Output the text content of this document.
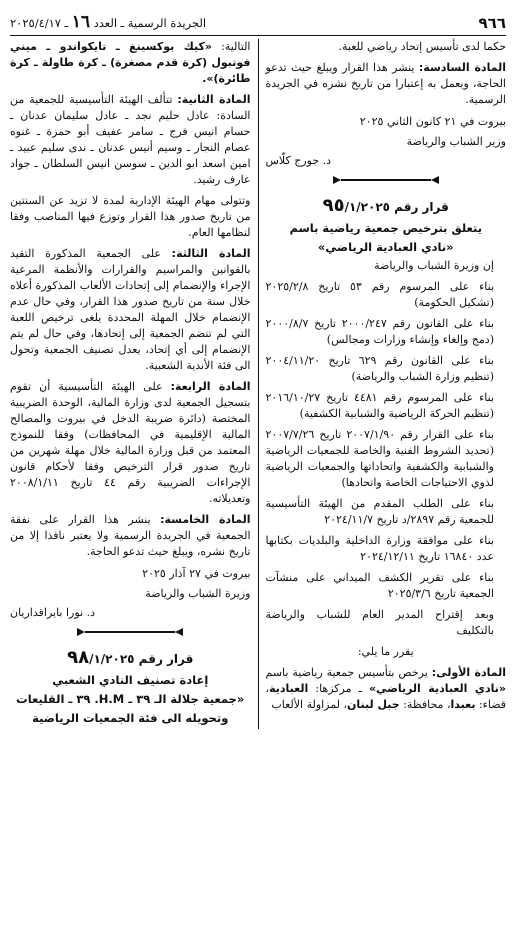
٩٦٦
الجريدة الرسمية ـ العدد ١٦ ـ ٢٠٢٥/٤/١٧

حكما لدى تأسيس إتحاد رياضي للعبة.

المادة السادسة: ينشر هذا القرار ويبلغ حيث تدعو الحاجة، ويعمل به إعتبارا من تاريخ نشره في الجريدة الرسمية.

بيروت في ٢١ كانون الثاني ٢٠٢٥

وزير الشباب والرياضة

د. جورج كلّاس

قرار رقم ٩٥/١/٢٠٢٥
يتعلق بترخيص جمعية رياضية باسم
«نادي العبادية الرياضي»

إن وزيرة الشباب والرياضة

بناء على المرسوم رقم ٥٣ تاريخ ٢٠٢٥/٢/٨ (تشكيل الحكومة)

بناء على القانون رقم ٢٠٠٠/٢٤٧ تاريخ ٢٠٠٠/٨/٧ (دمج وإلغاء وإنشاء وزارات ومجالس)

بناء على القانون رقم ٦٢٩ تاريخ ٢٠٠٤/١١/٢٠ (تنظيم وزارة الشباب والرياضة)

بناء على المرسوم رقم ٤٤٨١ تاريخ ٢٠١٦/١٠/٢٧ (تنظيم الحركة الرياضية والشبابية الكشفية)

بناء على القرار رقم ٢٠٠٧/١/٩٠ تاريخ ٢٠٠٧/٧/٢٦ (تحديد الشروط الفنية والخاصة للجمعيات الرياضية والشبابية والكشفية واتحاداتها والجمعيات الرياضية لذوي الاحتياجات الخاصة واتحادها)

بناء على الطلب المقدم من الهيئة التأسيسية للجمعية رقم ٢٨٩٧/د تاريخ ٢٠٢٤/١١/٧

بناء على موافقة وزارة الداخلية والبلديات بكتابها عدد ١٦٨٤٠ تاريخ ٢٠٢٤/١٢/١١

بناء على تقرير الكشف الميداني على منشآت الجمعية تاريخ ٢٠٢٥/٣/٦

وبعد إقتراح المدير العام للشباب والرياضة بالتكليف

يقرر ما يلي:

المادة الأولى: يرخص بتأسيس جمعية رياضية باسم «نادي العبادية الرياضي» ـ مركزها: العبادية، قضاء: بعبدا، محافظة: جبل لبنان، لمزاولة الألعاب

التالية: «كيك بوكسينغ ـ تايكواندو ـ ميني فوتبول (كرة قدم مصغرة) ـ كرة طاولة ـ كرة طائرة)».

المادة الثانية: تتألف الهيئة التأسيسية للجمعية من السادة: عادل حليم نجد ـ عادل سليمان عدنان ـ حسام انيس فرج ـ سامر عفيف أبو حمزة ـ غنوه عصام النجار ـ وسيم أنيس عدنان ـ ندى سليم عبيد ـ امين اسعد ابو الدين ـ سوسن انيس السلطان ـ جواد عارف رشيد.

وتتولى مهام الهيئة الإدارية لمدة لا تزيد عن السنتين من تاريخ صدور هذا القرار وتوزع فيها المناصب وفقا لنظامها العام.

المادة الثالثة: على الجمعية المذكورة التقيد بالقوانين والمراسيم والقرارات والأنظمة المرعية الإجراء والإنضمام إلى إتحادات الألعاب المذكورة أعلاه خلال سنة من تاريخ صدور هذا القرار، وفي حال عدم الإنضمام خلال المهلة المحددة يلغى ترخيص اللعبة التي لم تنضم الجمعية إلى إتحادها، وفي حال لم يتم الإنضمام إلى أي إتحاد، يعدل تصنيف الجمعية وتحول الى فئة الأندية الشعبية.

المادة الرابعة: على الهيئة التأسيسية أن تقوم بتسجيل الجمعية لدى وزارة المالية، الوحدة الضريبية المختصة (دائرة ضريبة الدخل في بيروت والمصالح المالية الإقليمية في المحافظات) وفقا للنموذج المعتمد من قبل وزارة المالية خلال مهلة شهرين من تاريخ صدور قرار الترخيص وفقا لأحكام قانون الإجراءات الضريبية رقم ٤٤ تاريخ ٢٠٠٨/١/١١ وتعديلاته.

المادة الخامسة: ينشر هذا القرار على نفقة الجمعية في الجريدة الرسمية ولا يعتبر نافذا إلا من تاريخ نشره، ويبلغ حيث تدعو الحاجة.

بيروت في ٢٧ آذار ٢٠٢٥

وزيرة الشباب والرياضة

د. نورا بايراقداريان

قرار رقم ٩٨/١/٢٠٢٥
إعادة تصنيف النادي الشعبي
«جمعية جلالة الـ ٣٩ ـ H.M. ٣٩ ـ القليعات
وتحويله الى فئة الجمعيات الرياضية
